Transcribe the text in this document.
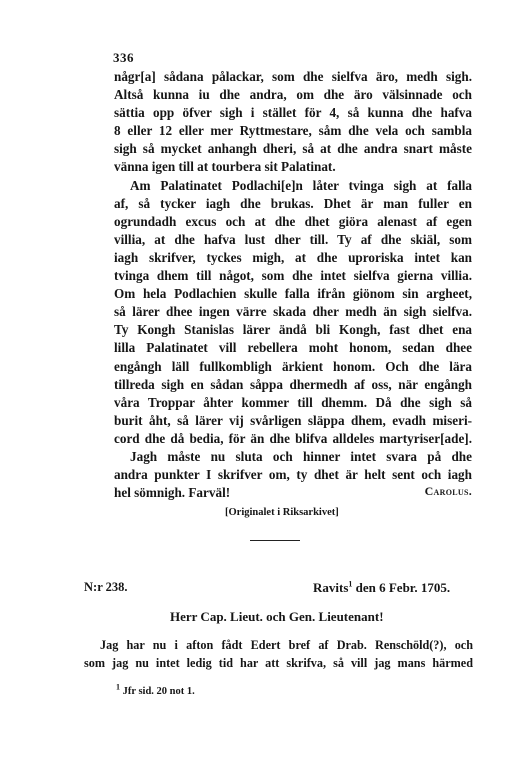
336
någr[a] sådana pålackar, som dhe sielfva äro, medh sigh.
Altså kunna iu dhe andra, om dhe äro välsinnade och
sättia opp öfver sigh i stället för 4, så kunna dhe hafva
8 eller 12 eller mer Ryttmestare, såm dhe vela och sambla
sigh så mycket anhangh dheri, så at dhe andra snart måste
vänna igen till at tourbera sit Palatinat.
Am Palatinatet Podlachi[e]n låter tvinga sigh at falla
af, så tycker iagh dhe brukas. Dhet är man fuller en
ogrundadh excus och at dhe dhet giöra alenast af egen
villia, at dhe hafva lust dher till. Ty af dhe skiäl, som
iagh skrifver, tyckes migh, at dhe uproriska intet kan
tvinga dhem till något, som dhe intet sielfva gierna villia.
Om hela Podlachien skulle falla ifrån giönom sin argheet,
så lärer dhee ingen värre skada dher medh än sigh sielfva.
Ty Kongh Stanislas lärer ändå bli Kongh, fast dhet ena
lilla Palatinatet vill rebellera moht honom, sedan dhee
engångh läll fullkombligh ärkient honom. Och dhe lära
tillreda sigh en sådan såppa dhermedh af oss, när engångh
våra Troppar åhter kommer till dhemm. Då dhe sigh så
burit åht, så lärer vij svårligen släppa dhem, evadh miseri-
cord dhe då bedia, för än dhe blifva alldeles martyriser[ade].
Jagh måste nu sluta och hinner intet svara på dhe
andra punkter I skrifver om, ty dhet är helt sent och iagh
hel sömnigh. Farväl!	Carolus.
[Originalet i Riksarkivet]
N:r 238.	Ravits$^1$ den 6 Febr. 1705.
Herr Cap. Lieut. och Gen. Lieutenant!
Jag har nu i afton fådt Edert bref af Drab. Renschöld(?), och
som jag nu intet ledig tid har att skrifva, så vill jag mans härmed
$^1$ Jfr sid. 20 not 1.
